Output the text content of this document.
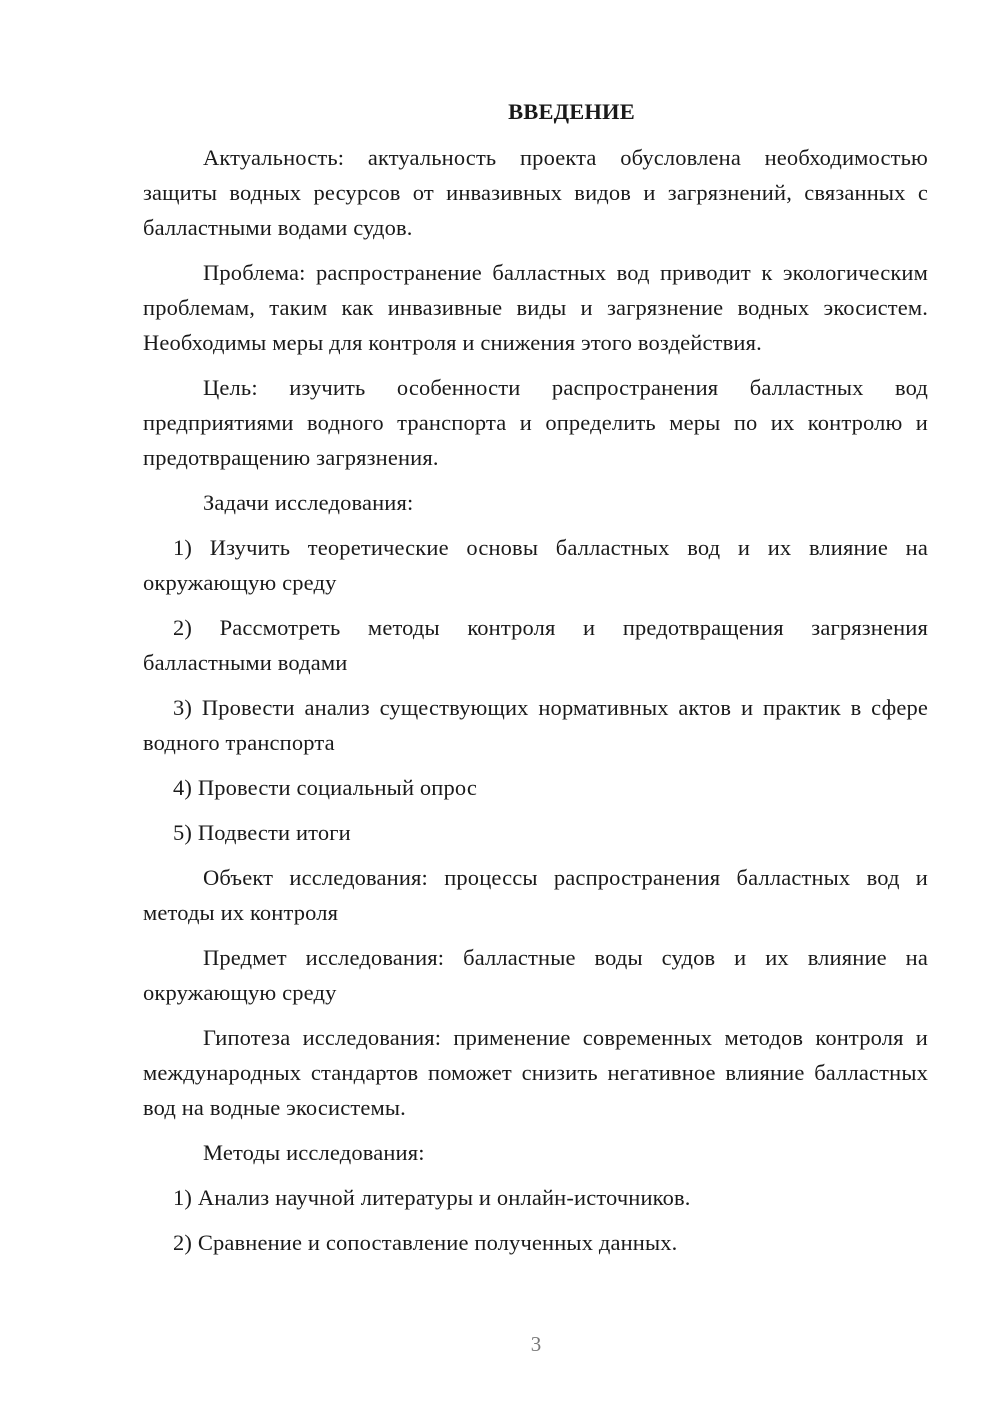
ВВЕДЕНИЕ

Актуальность: актуальность проекта обусловлена необходимостью защиты водных ресурсов от инвазивных видов и загрязнений, связанных с балластными водами судов.

Проблема: распространение балластных вод приводит к экологическим проблемам, таким как инвазивные виды и загрязнение водных экосистем. Необходимы меры для контроля и снижения этого воздействия.

Цель: изучить особенности распространения балластных вод предприятиями водного транспорта и определить меры по их контролю и предотвращению загрязнения.

Задачи исследования:

1) Изучить теоретические основы балластных вод и их влияние на окружающую среду

2) Рассмотреть методы контроля и предотвращения загрязнения балластными водами

3) Провести анализ существующих нормативных актов и практик в сфере водного транспорта

4) Провести социальный опрос

5) Подвести итоги

Объект исследования: процессы распространения балластных вод и методы их контроля

Предмет исследования: балластные воды судов и их влияние на окружающую среду

Гипотеза исследования: применение современных методов контроля и международных стандартов поможет снизить негативное влияние балластных вод на водные экосистемы.

Методы исследования:

1) Анализ научной литературы и онлайн-источников.

2) Сравнение и сопоставление полученных данных.

3
